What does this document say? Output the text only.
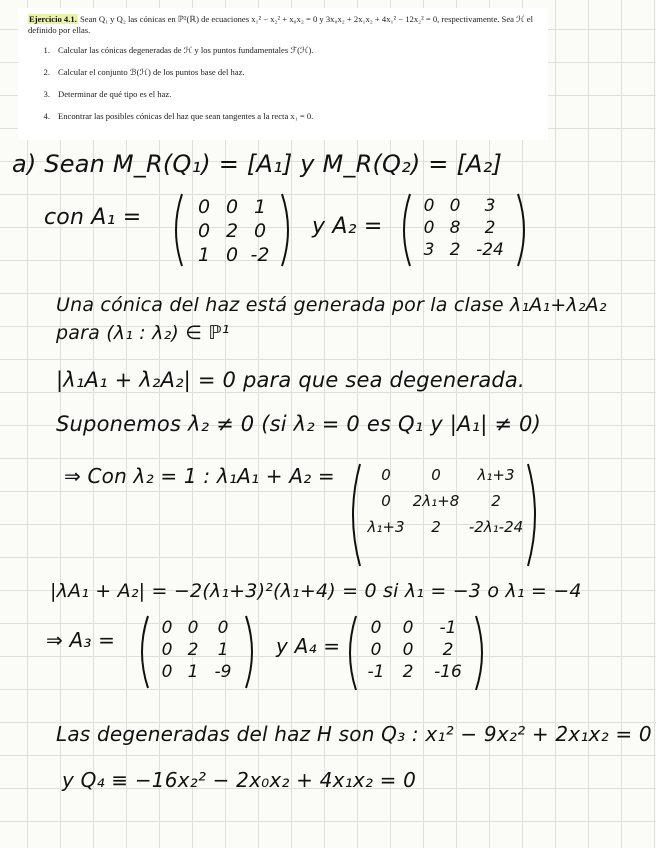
Ejercicio 4.1. Sean Q₁ y Q₂ las cónicas en ℙ²(ℝ) de ecuaciones x₁² − x₂² + x₀x₂ = 0 y 3x₀x₂ + 2x₁x₂ + 4x₁² − 12x₂² = 0, respectivamente. Sea ℋ el definido por ellas.

1. Calcular las cónicas degeneradas de ℋ y los puntos fundamentales ℱ(ℋ).
2. Calcular el conjunto ℬ(ℋ) de los puntos base del haz.
3. Determinar de qué tipo es el haz.
4. Encontrar las posibles cónicas del haz que sean tangentes a la recta x₁ = 0.
a) Sean M_R(Q₁) = [A₁] y M_R(Q₂) = [A₂]
con A₁ =	0 0 1
0 2 0
1 0 -2
y A₂ =
0 0	3
0 8	2
3 2 -24
Una cónica del haz está generada por la clase λ₁A₁+λ₂A₂
para (λ₁ : λ₂) ∈ ℙ¹
|λ₁A₁ + λ₂A₂| = 0 para que sea degenerada.
Suponemos λ₂ ≠ 0 (si λ₂ = 0 es Q₁ y |A₁| ≠ 0)
⇒ Con λ₂ = 1 : λ₁A₁ + A₂ =	0	0	λ₁+3
0	2λ₁+8	2
λ₁+3	2	-2λ₁-24
|λA₁ + A₂| = −2(λ₁+3)²(λ₁+4) = 0 si λ₁ = −3 o λ₁ = −4
⇒ A₃ =	0 0	0
0 2	1
0 1 -9
y A₄ =
0	0	-1
0	0	2
-1	2	-16
Las degeneradas del haz H son Q₃ : x₁² − 9x₂² + 2x₁x₂ = 0
y Q₄ ≡ −16x₂² − 2x₀x₂ + 4x₁x₂ = 0
